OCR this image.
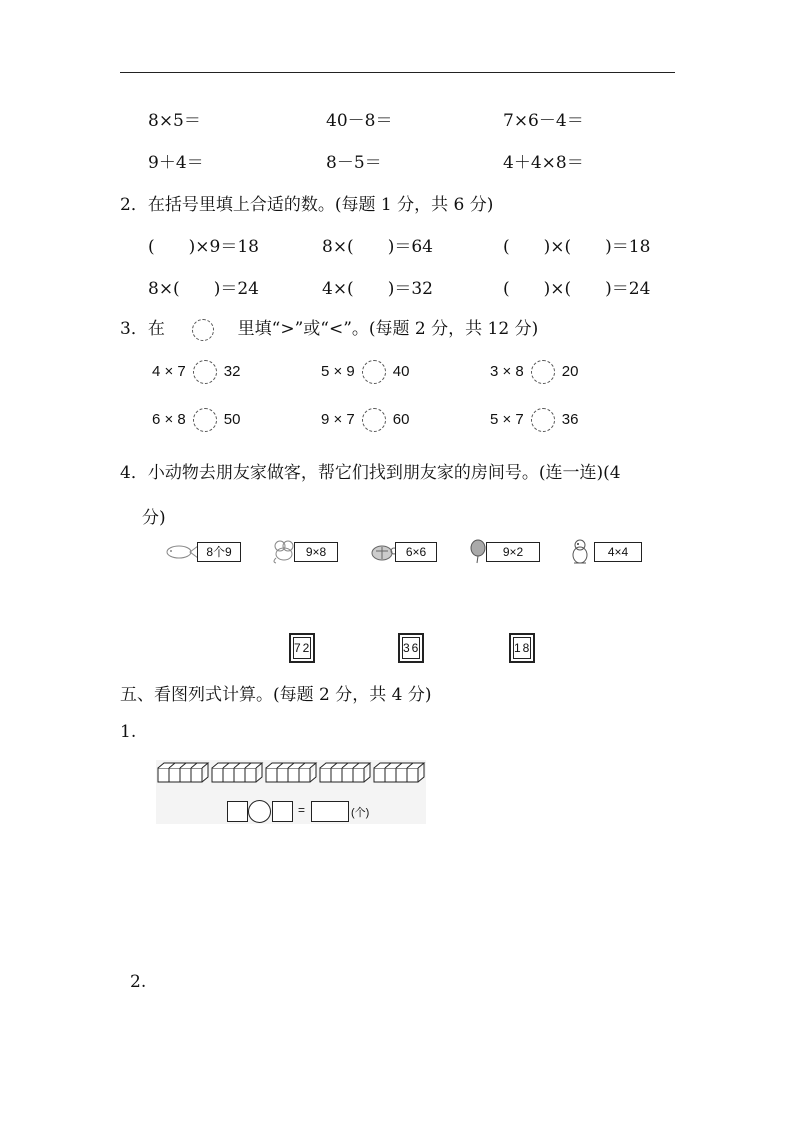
8×5＝	40－8＝	7×6－4＝
9＋4＝	8－5＝	4＋4×8＝
2．在括号里填上合适的数。(每题 1 分，共 6 分)
(　　)×9＝18	8×(　　)＝64	(　　)×(　　)＝18
8×(　　)＝24	4×(　　)＝32	(　　)×(　　)＝24
3．在	里填“>”或“<”。(每题 2 分，共 12 分)
4 × 7	32	5 × 9	40	3 × 8	20
6 × 8	50	9 × 7	60	5 × 7	36
4．小动物去朋友家做客，帮它们找到朋友家的房间号。(连一连)(4
分)
8个9	9×8	6×6	9×2	4×4
72	36	18
五、看图列式计算。(每题 2 分，共 4 分)
1.
=	(个)
2.
